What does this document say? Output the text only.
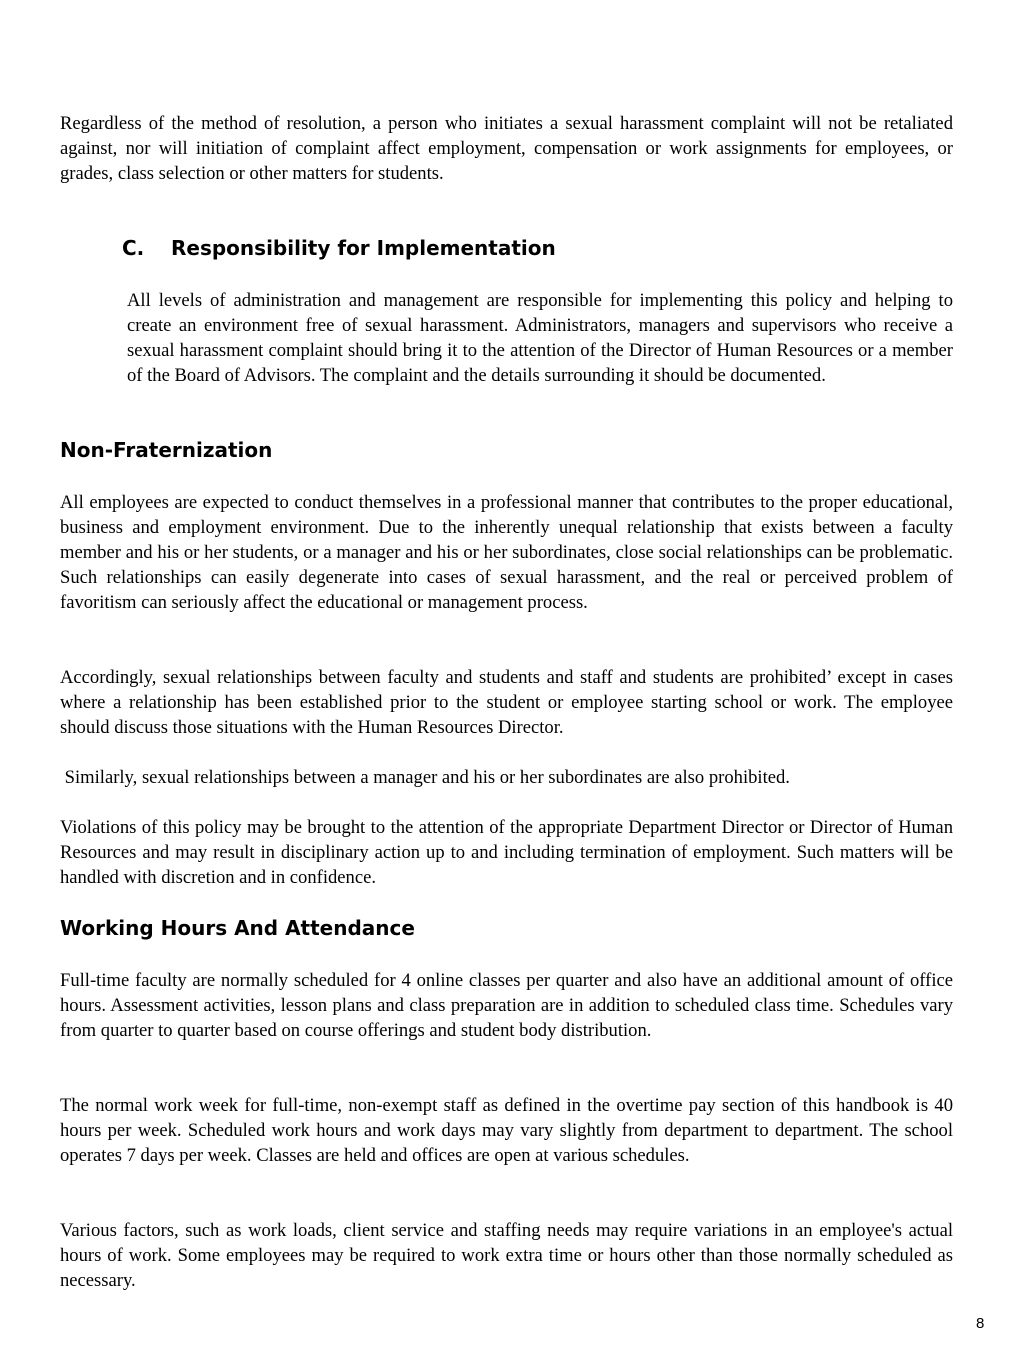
Regardless of the method of resolution, a person who initiates a sexual harassment complaint will not be retaliated against, nor will initiation of complaint affect employment, compensation or work assignments for employees, or grades, class selection or other matters for students.

C. Responsibility for Implementation

All levels of administration and management are responsible for implementing this policy and helping to create an environment free of sexual harassment. Administrators, managers and supervisors who receive a sexual harassment complaint should bring it to the attention of the Director of Human Resources or a member of the Board of Advisors. The complaint and the details surrounding it should be documented.

Non-Fraternization

All employees are expected to conduct themselves in a professional manner that contributes to the proper educational, business and employment environment. Due to the inherently unequal relationship that exists between a faculty member and his or her students, or a manager and his or her subordinates, close social relationships can be problematic. Such relationships can easily degenerate into cases of sexual harassment, and the real or perceived problem of favoritism can seriously affect the educational or management process.

Accordingly, sexual relationships between faculty and students and staff and students are prohibited’ except in cases where a relationship has been established prior to the student or employee starting school or work. The employee should discuss those situations with the Human Resources Director.

Similarly, sexual relationships between a manager and his or her subordinates are also prohibited.

Violations of this policy may be brought to the attention of the appropriate Department Director or Director of Human Resources and may result in disciplinary action up to and including termination of employment. Such matters will be handled with discretion and in confidence.

Working Hours And Attendance

Full-time faculty are normally scheduled for 4 online classes per quarter and also have an additional amount of office hours. Assessment activities, lesson plans and class preparation are in addition to scheduled class time. Schedules vary from quarter to quarter based on course offerings and student body distribution.

The normal work week for full-time, non-exempt staff as defined in the overtime pay section of this handbook is 40 hours per week. Scheduled work hours and work days may vary slightly from department to department. The school operates 7 days per week. Classes are held and offices are open at various schedules.

Various factors, such as work loads, client service and staffing needs may require variations in an employee's actual hours of work. Some employees may be required to work extra time or hours other than those normally scheduled as necessary.

8
